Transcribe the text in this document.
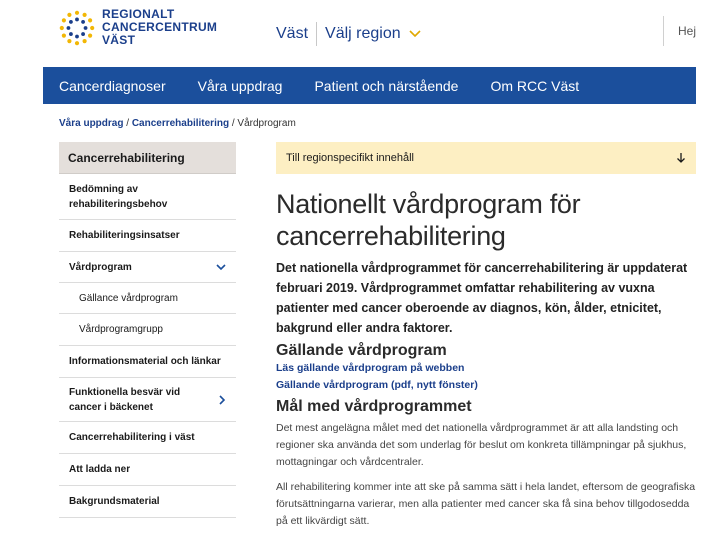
REGIONALT
CANCERCENTRUM
VÄST	Väst Välj region	Hej
Cancerdiagnoser	Våra uppdrag	Patient och närstående	Om RCC Väst
Våra uppdrag / Cancerrehabilitering / Vårdprogram
Cancerrehabilitering
Bedömning av rehabiliteringsbehov
Rehabiliteringsinsatser
Vårdprogram
Gällance vårdprogram
Vårdprogramgrupp
Informationsmaterial och länkar
Funktionella besvär vid cancer i bäckenet
Cancerrehabilitering i väst
Att ladda ner
Bakgrundsmaterial
Till regionspecifikt innehåll
Nationellt vårdprogram för cancerrehabilitering

Det nationella vårdprogrammet för cancerrehabilitering är uppdaterat februari 2019. Vårdprogrammet omfattar rehabilitering av vuxna patienter med cancer oberoende av diagnos, kön, ålder, etnicitet, bakgrund eller andra faktorer.

Gällande vårdprogram
Läs gällande vårdprogram på webben
Gällande vårdprogram (pdf, nytt fönster)
Mål med vårdprogrammet

Det mest angelägna målet med det nationella vårdprogrammet är att alla landsting och regioner ska använda det som underlag för beslut om konkreta tillämpningar på sjukhus, mottagningar och vårdcentraler.

All rehabilitering kommer inte att ske på samma sätt i hela landet, eftersom de geografiska förutsättningarna varierar, men alla patienter med cancer ska få sina behov tillgodosedda på ett likvärdigt sätt.
